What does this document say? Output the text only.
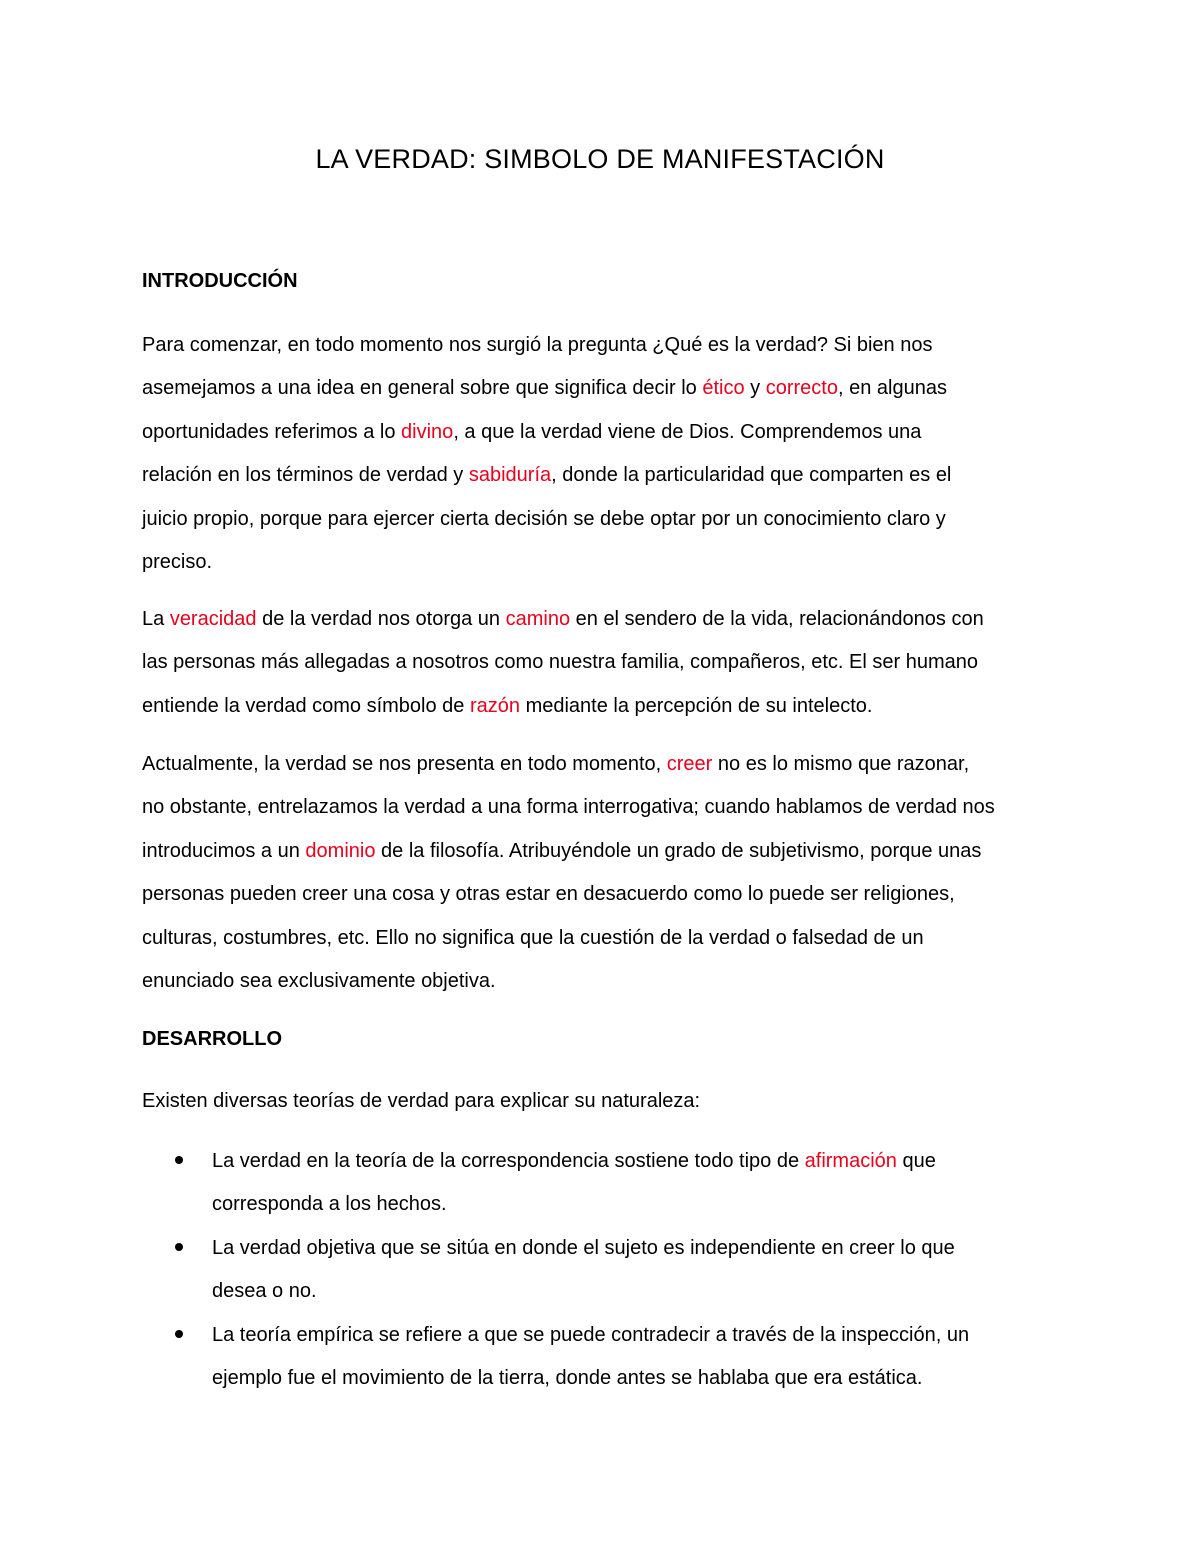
LA VERDAD: SIMBOLO DE MANIFESTACIÓN
INTRODUCCIÓN
Para comenzar, en todo momento nos surgió la pregunta ¿Qué es la verdad? Si bien nos
asemejamos a una idea en general sobre que significa decir lo ético y correcto, en algunas
oportunidades referimos a lo divino, a que la verdad viene de Dios. Comprendemos una
relación en los términos de verdad y sabiduría, donde la particularidad que comparten es el
juicio propio, porque para ejercer cierta decisión se debe optar por un conocimiento claro y
preciso.
La veracidad de la verdad nos otorga un camino en el sendero de la vida, relacionándonos con
las personas más allegadas a nosotros como nuestra familia, compañeros, etc. El ser humano
entiende la verdad como símbolo de razón mediante la percepción de su intelecto.
Actualmente, la verdad se nos presenta en todo momento, creer no es lo mismo que razonar,
no obstante, entrelazamos la verdad a una forma interrogativa; cuando hablamos de verdad nos
introducimos a un dominio de la filosofía. Atribuyéndole un grado de subjetivismo, porque unas
personas pueden creer una cosa y otras estar en desacuerdo como lo puede ser religiones,
culturas, costumbres, etc. Ello no significa que la cuestión de la verdad o falsedad de un
enunciado sea exclusivamente objetiva.
DESARROLLO
Existen diversas teorías de verdad para explicar su naturaleza:
La verdad en la teoría de la correspondencia sostiene todo tipo de afirmación que
corresponda a los hechos.
La verdad objetiva que se sitúa en donde el sujeto es independiente en creer lo que
desea o no.
La teoría empírica se refiere a que se puede contradecir a través de la inspección, un
ejemplo fue el movimiento de la tierra, donde antes se hablaba que era estática.
